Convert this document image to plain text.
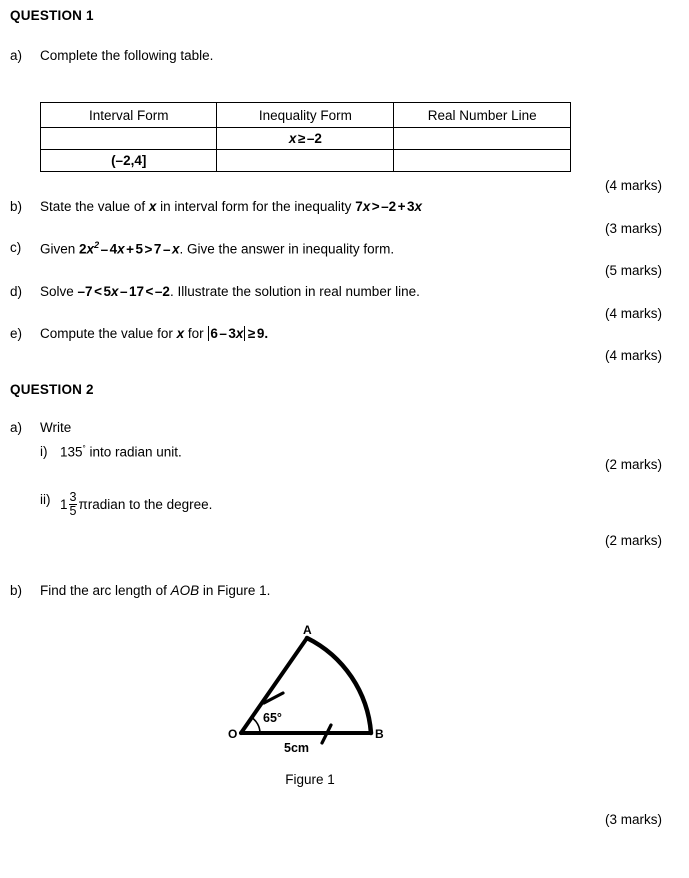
QUESTION 1
a) Complete the following table.
Interval Form	Inequality Form	Real Number Line
	x ≥ –2	
(–2,4]		
(4 marks)
b) State the value of x in interval form for the inequality 7x > –2 + 3x
(3 marks)
c) Given $2x^2 - 4x + 5 > 7 - x$. Give the answer in inequality form.
(5 marks)
d) Solve –7 < 5x – 17 < –2. Illustrate the solution in real number line.
(4 marks)
e) Compute the value for x for 6 – 3x ≥ 9.
(4 marks)
QUESTION 2
a) Write
i) 135° into radian unit.
(2 marks)
ii) $1 \frac{3}{5}$ πradian to the degree.
(2 marks)
b) Find the arc length of AOB in Figure 1.
A
O	B
65°
5cm
Figure 1
(3 marks)
